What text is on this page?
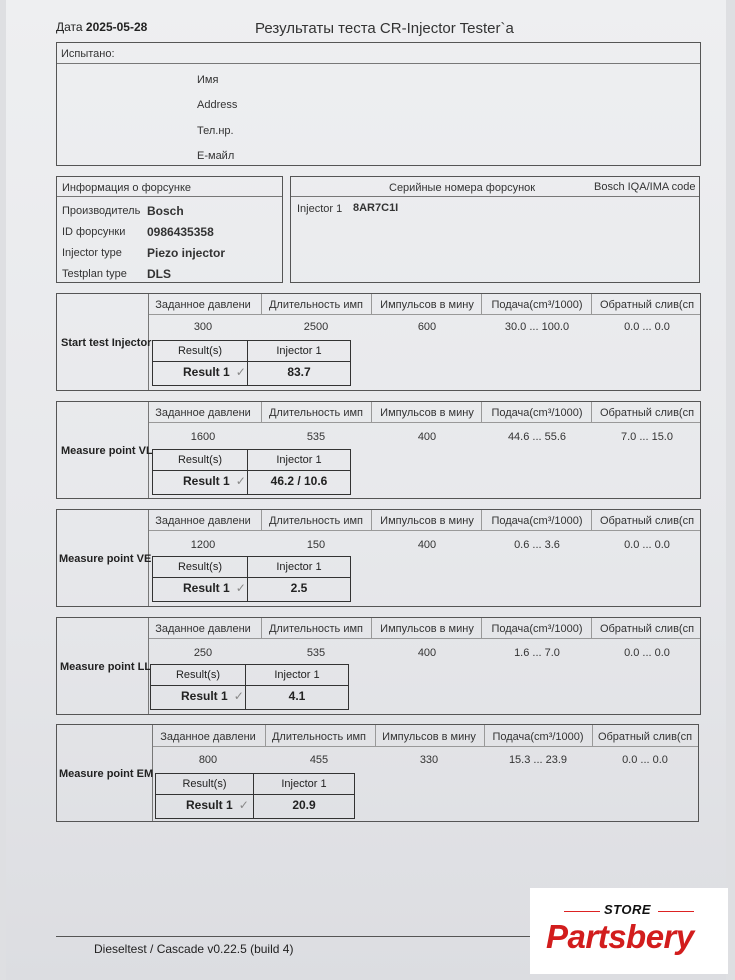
Дата 2025-05-28	Результаты теста CR-Injector Tester`a
Испытано:
Имя
Address
Тел.нр.
Е-майл
Информация о форсунке
Производитель Bosch
ID форсунки 0986435358
Injector type Piezo injector
Testplan type DLS
Серийные номера форсунок	Bosch IQA/IMA code
Injector 1 8AR7C1I
Start test Injector
Заданное давлени	Длительность имп	Импульсов в мину	Подача(cm³/1000)	Обратный слив(cп
300	2500	600	30.0 ... 100.0	0.0 ... 0.0
Result(s)	Injector 1
Result 1 ✓	83.7
Measure point VL
Заданное давлени	Длительность имп	Импульсов в мину	Подача(cm³/1000)	Обратный слив(cп
1600	535	400	44.6 ... 55.6	7.0 ... 15.0
Result(s)	Injector 1
Result 1 ✓	46.2 / 10.6
Measure point VE
Заданное давлени	Длительность имп	Импульсов в мину	Подача(cm³/1000)	Обратный слив(cп
1200	150	400	0.6 ... 3.6	0.0 ... 0.0
Result(s)	Injector 1
Result 1 ✓	2.5
Measure point LL
Заданное давлени	Длительность имп	Импульсов в мину	Подача(cm³/1000)	Обратный слив(cп
250	535	400	1.6 ... 7.0	0.0 ... 0.0
Result(s)	Injector 1
Result 1 ✓	4.1
Measure point EM
Заданное давлени	Длительность имп	Импульсов в мину	Подача(cm³/1000)	Обратный слив(cп
800	455	330	15.3 ... 23.9	0.0 ... 0.0
Result(s)	Injector 1
Result 1 ✓	20.9
Dieseltest / Cascade v0.22.5 (build 4)
STORE
Partsbery
